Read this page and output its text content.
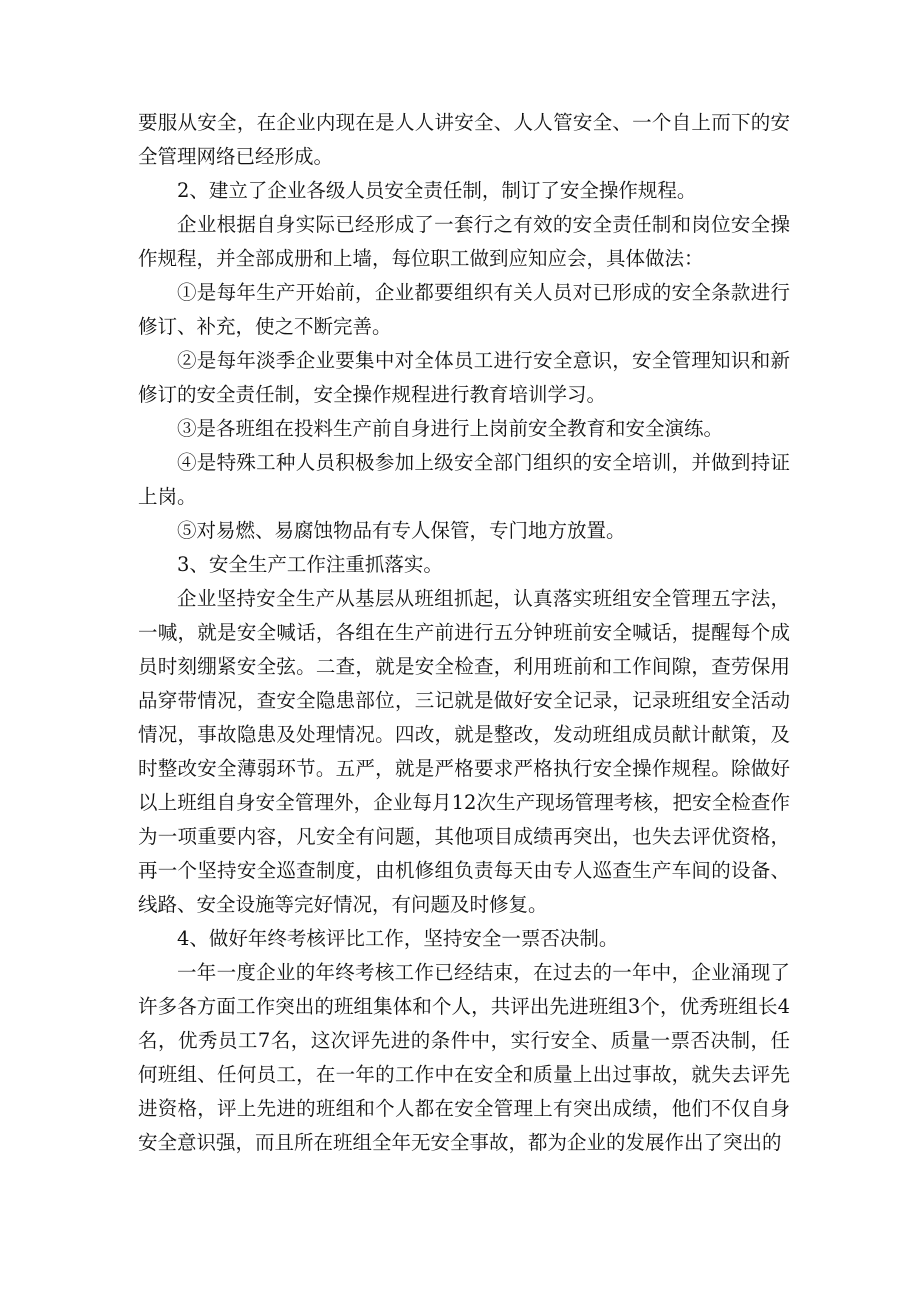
要服从安全，在企业内现在是人人讲安全、人人管安全、一个自上而下的安全管理网络已经形成。

2、建立了企业各级人员安全责任制，制订了安全操作规程。

企业根据自身实际已经形成了一套行之有效的安全责任制和岗位安全操作规程，并全部成册和上墙，每位职工做到应知应会，具体做法：

①是每年生产开始前，企业都要组织有关人员对已形成的安全条款进行修订、补充，使之不断完善。

②是每年淡季企业要集中对全体员工进行安全意识，安全管理知识和新修订的安全责任制，安全操作规程进行教育培训学习。

③是各班组在投料生产前自身进行上岗前安全教育和安全演练。

④是特殊工种人员积极参加上级安全部门组织的安全培训，并做到持证上岗。

⑤对易燃、易腐蚀物品有专人保管，专门地方放置。

3、安全生产工作注重抓落实。

企业坚持安全生产从基层从班组抓起，认真落实班组安全管理五字法，一喊，就是安全喊话，各组在生产前进行五分钟班前安全喊话，提醒每个成员时刻绷紧安全弦。二查，就是安全检查，利用班前和工作间隙，查劳保用品穿带情况，查安全隐患部位，三记就是做好安全记录，记录班组安全活动情况，事故隐患及处理情况。四改，就是整改，发动班组成员献计献策，及时整改安全薄弱环节。五严，就是严格要求严格执行安全操作规程。除做好以上班组自身安全管理外，企业每月12次生产现场管理考核，把安全检查作为一项重要内容，凡安全有问题，其他项目成绩再突出，也失去评优资格，再一个坚持安全巡查制度，由机修组负责每天由专人巡查生产车间的设备、线路、安全设施等完好情况，有问题及时修复。

4、做好年终考核评比工作，坚持安全一票否决制。

一年一度企业的年终考核工作已经结束，在过去的一年中，企业涌现了许多各方面工作突出的班组集体和个人，共评出先进班组3个，优秀班组长4名，优秀员工7名，这次评先进的条件中，实行安全、质量一票否决制，任何班组、任何员工，在一年的工作中在安全和质量上出过事故，就失去评先进资格，评上先进的班组和个人都在安全管理上有突出成绩，他们不仅自身安全意识强，而且所在班组全年无安全事故，都为企业的发展作出了突出的
